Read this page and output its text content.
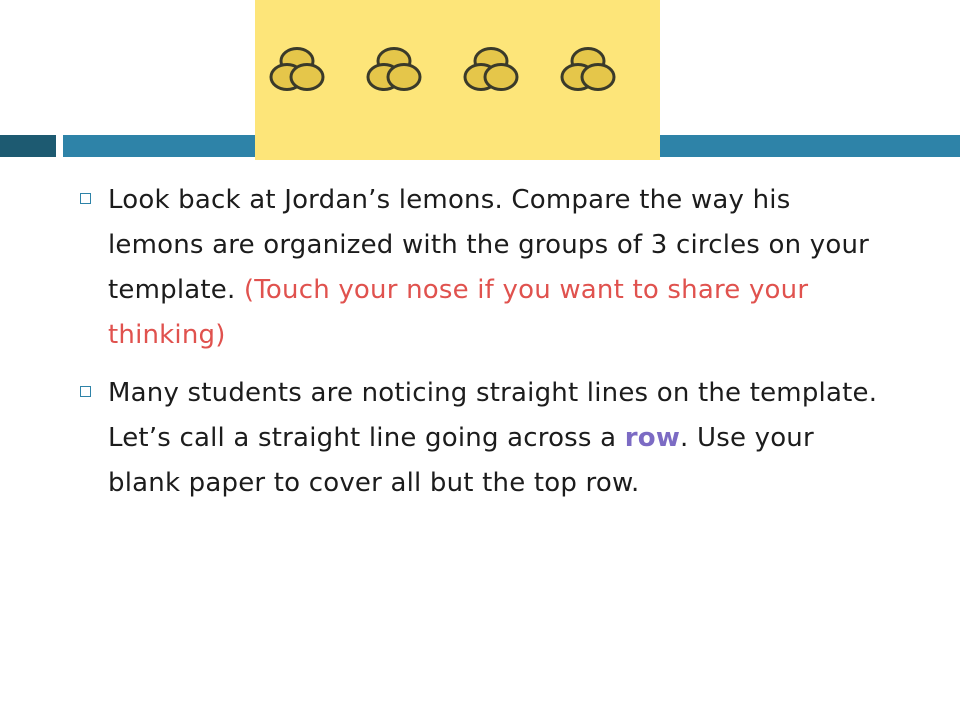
Look back at Jordan’s lemons. Compare the way his lemons are organized with the groups of 3 circles on your template. (Touch your nose if you want to share your thinking)
Many students are noticing straight lines on the template. Let’s call a straight line going across a row. Use your blank paper to cover all but the top row.
